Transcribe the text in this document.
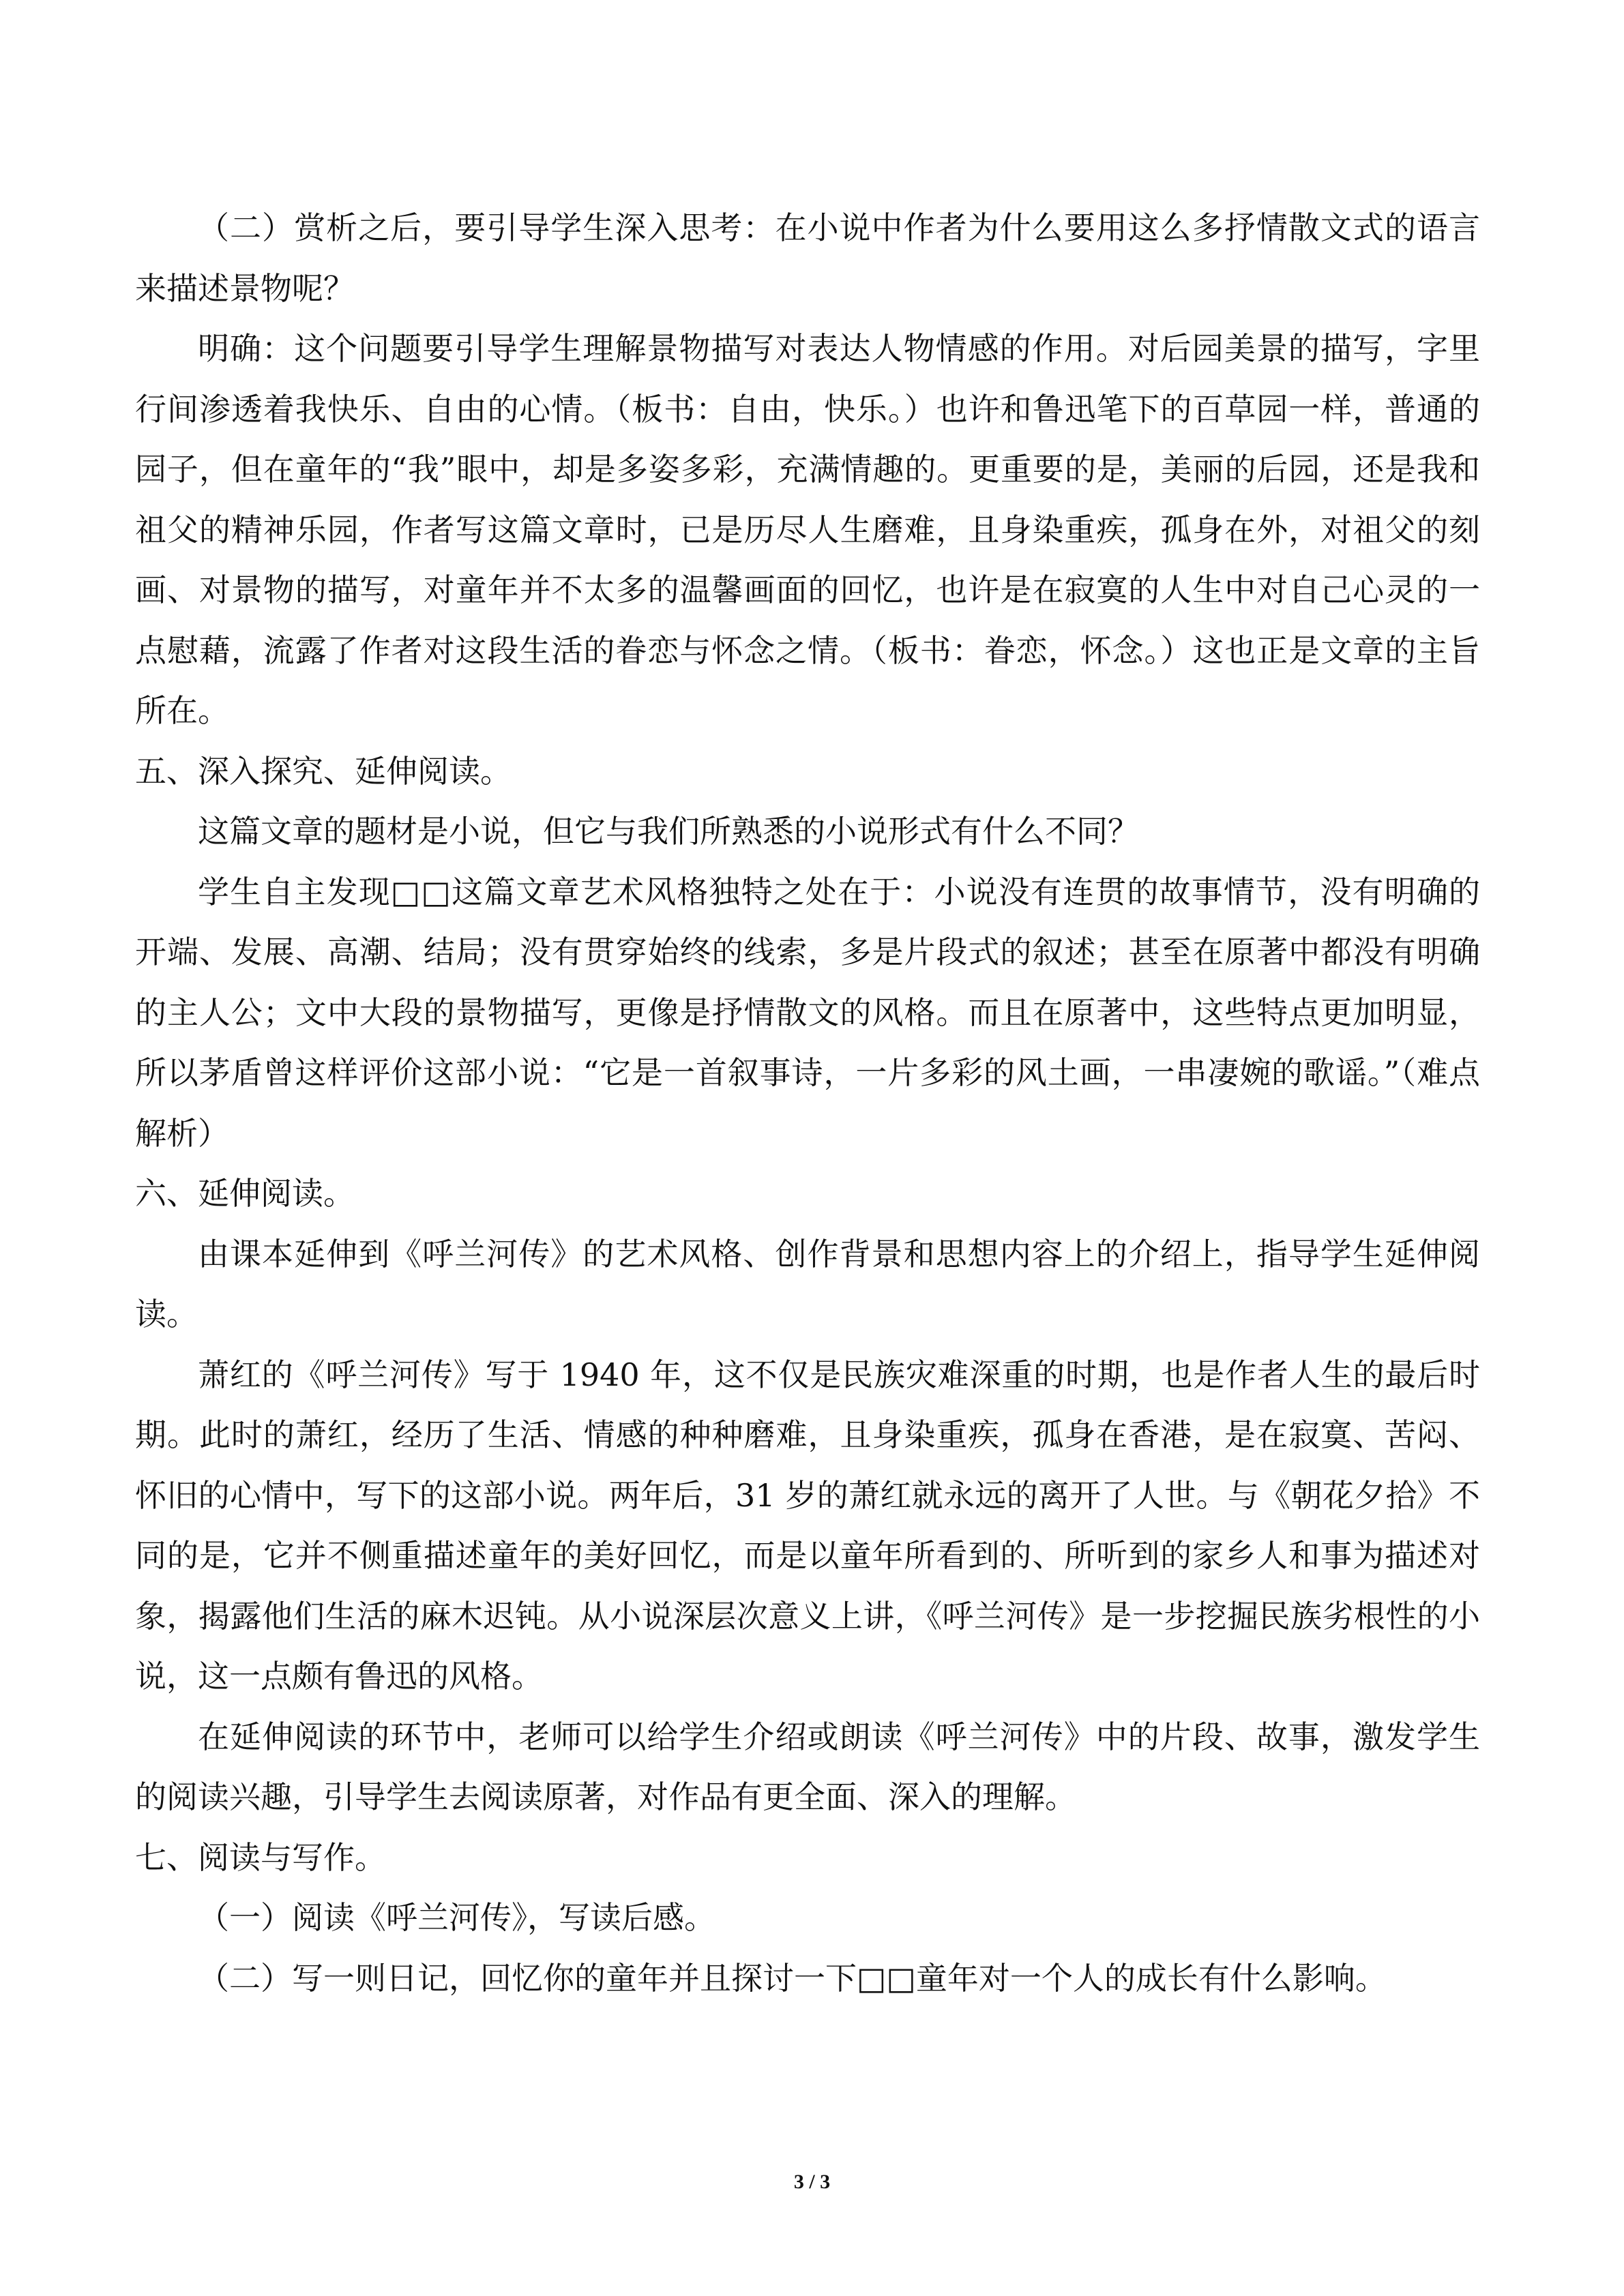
（二）赏析之后，要引导学生深入思考：在小说中作者为什么要用这么多抒情散文式的语言来描述景物呢？

明确：这个问题要引导学生理解景物描写对表达人物情感的作用。对后园美景的描写，字里行间渗透着我快乐、自由的心情。（板书：自由，快乐。）也许和鲁迅笔下的百草园一样，普通的园子，但在童年的“我”眼中，却是多姿多彩，充满情趣的。更重要的是，美丽的后园，还是我和祖父的精神乐园，作者写这篇文章时，已是历尽人生磨难，且身染重疾，孤身在外，对祖父的刻画、对景物的描写，对童年并不太多的温馨画面的回忆，也许是在寂寞的人生中对自己心灵的一点慰藉，流露了作者对这段生活的眷恋与怀念之情。（板书：眷恋，怀念。）这也正是文章的主旨所在。

五、深入探究、延伸阅读。

这篇文章的题材是小说，但它与我们所熟悉的小说形式有什么不同？

学生自主发现□□这篇文章艺术风格独特之处在于：小说没有连贯的故事情节，没有明确的开端、发展、高潮、结局；没有贯穿始终的线索，多是片段式的叙述；甚至在原著中都没有明确的主人公；文中大段的景物描写，更像是抒情散文的风格。而且在原著中，这些特点更加明显，所以茅盾曾这样评价这部小说：“它是一首叙事诗，一片多彩的风土画，一串凄婉的歌谣。”（难点解析）

六、延伸阅读。

由课本延伸到《呼兰河传》的艺术风格、创作背景和思想内容上的介绍上，指导学生延伸阅读。

萧红的《呼兰河传》写于 1940 年，这不仅是民族灾难深重的时期，也是作者人生的最后时期。此时的萧红，经历了生活、情感的种种磨难，且身染重疾，孤身在香港，是在寂寞、苦闷、怀旧的心情中，写下的这部小说。两年后，31 岁的萧红就永远的离开了人世。与《朝花夕拾》不同的是，它并不侧重描述童年的美好回忆，而是以童年所看到的、所听到的家乡人和事为描述对象，揭露他们生活的麻木迟钝。从小说深层次意义上讲，《呼兰河传》是一步挖掘民族劣根性的小说，这一点颇有鲁迅的风格。

在延伸阅读的环节中，老师可以给学生介绍或朗读《呼兰河传》中的片段、故事，激发学生的阅读兴趣，引导学生去阅读原著，对作品有更全面、深入的理解。

七、阅读与写作。

（一）阅读《呼兰河传》，写读后感。

（二）写一则日记，回忆你的童年并且探讨一下□□童年对一个人的成长有什么影响。

3 / 3
